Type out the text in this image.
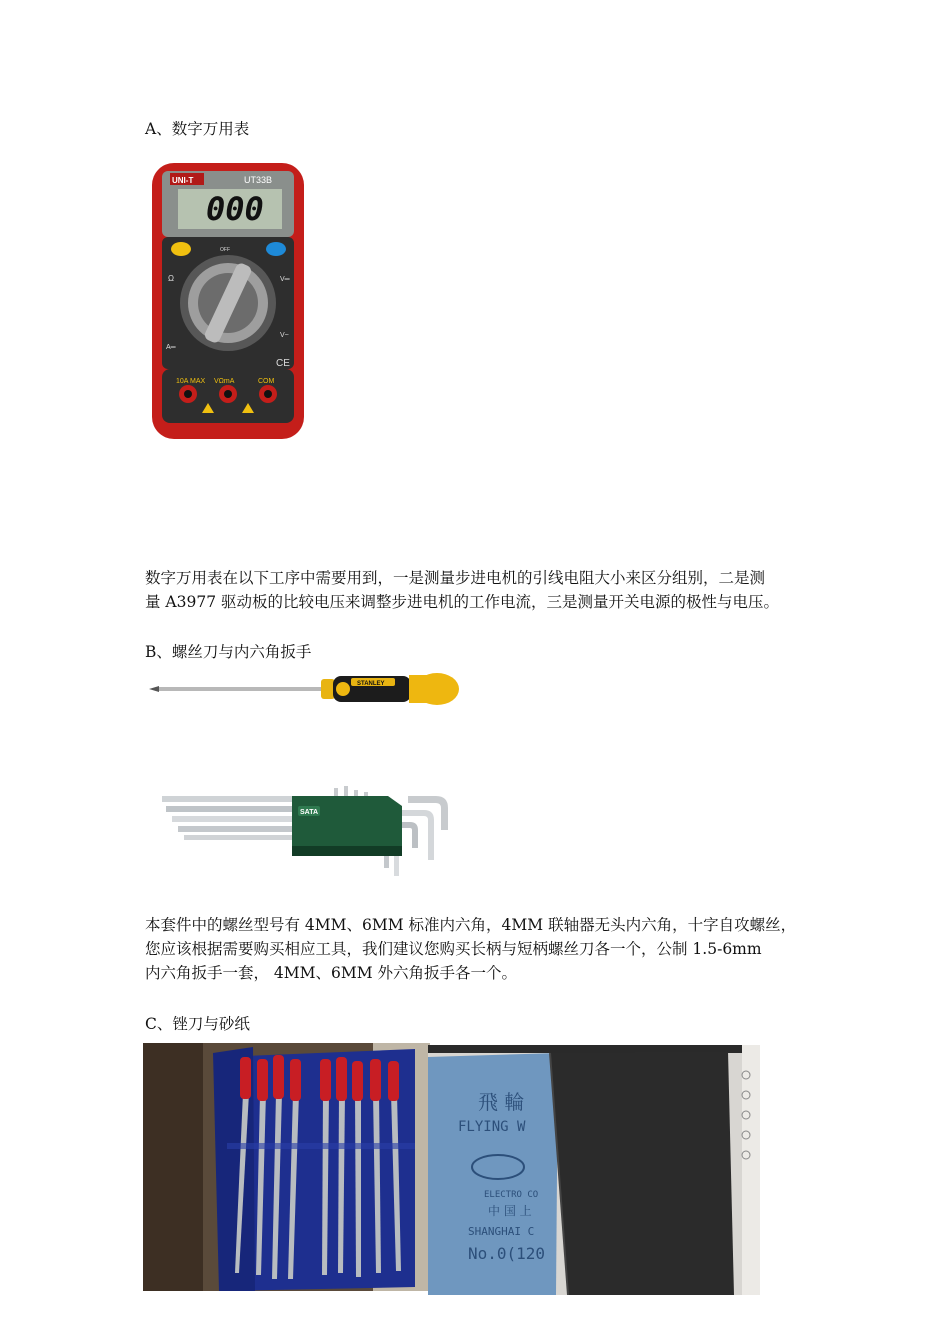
A、数字万用表
UNI-T	UT33B
000
OFF
Ω	V═
A═
V~
CE
10A MAX VΩmA	COM

数字万用表在以下工序中需要用到，一是测量步进电机的引线电阻大小来区分组别，二是测

量 A3977 驱动板的比较电压来调整步进电机的工作电流，三是测量开关电源的极性与电压。

B、螺丝刀与内六角扳手
STANLEY
SATA

本套件中的螺丝型号有 4MM、6MM 标准内六角，4MM 联轴器无头内六角，十字自攻螺丝，

您应该根据需要购买相应工具，我们建议您购买长柄与短柄螺丝刀各一个，公制 1.5-6mm

内六角扳手一套， 4MM、6MM 外六角扳手各一个。

C、锉刀与砂纸
飛 輪
FLYING W
ELECTRO CO
中 国 上
SHANGHAI C
No.0(120
